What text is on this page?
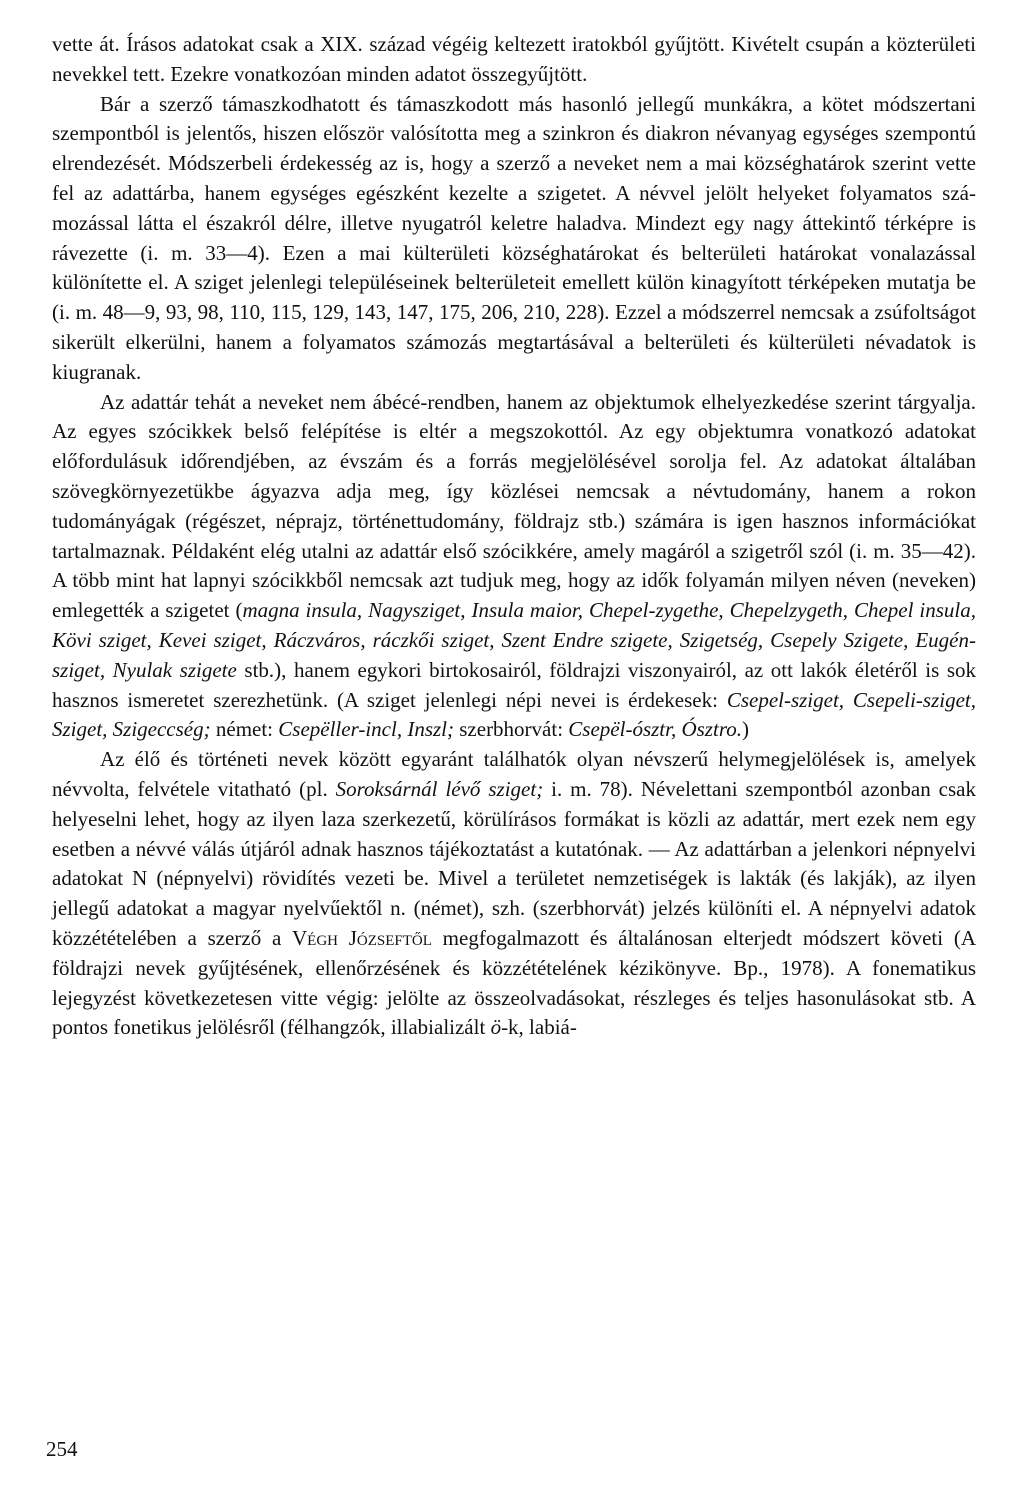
vette át. Írásos adatokat csak a XIX. század végéig keltezett iratokból gyűjtött. Kivételt csupán a közterületi nevekkel tett. Ezekre vonatkozóan minden adatot összegyűjtött.

Bár a szerző támaszkodhatott és támaszkodott más hasonló jellegű munkákra, a kötet módszertani szempontból is jelentős, hiszen először valósította meg a szinkron és diakron névanyag egységes szempontú elrendezését. Módszerbeli érdekesség az is, hogy a szerző a neveket nem a mai községhatárok szerint vette fel az adattárba, hanem egységes egészként kezelte a szigetet. A névvel jelölt helyeket folyamatos számozással látta el északról délre, illetve nyugatról keletre haladva. Mindezt egy nagy áttekintő térképre is rávezette (i. m. 33—4). Ezen a mai külterületi községhatárokat és belterületi határokat vonalazással különítette el. A sziget jelenlegi településeinek belterületeit emellett külön kinagyított térképeken mutatja be (i. m. 48—9, 93, 98, 110, 115, 129, 143, 147, 175, 206, 210, 228). Ezzel a módszerrel nemcsak a zsúfoltságot sikerült elkerülni, hanem a folyamatos számozás megtartásával a belterületi és külterületi névadatok is kiugranak.

Az adattár tehát a neveket nem ábécé-rendben, hanem az objektumok elhelyezkedése szerint tárgyalja. Az egyes szócikkek belső felépítése is eltér a megszokottól. Az egy objektumra vonatkozó adatokat előfordulásuk időrendjében, az évszám és a forrás megjelölésével sorolja fel. Az adatokat általában szövegkörnyezetükbe ágyazva adja meg, így közlései nemcsak a névtudomány, hanem a rokon tudományágak (régészet, néprajz, történettudomány, földrajz stb.) számára is igen hasznos információkat tartalmaznak. Példaként elég utalni az adattár első szócikkére, amely magáról a szigetről szól (i. m. 35—42). A több mint hat lapnyi szócikkből nemcsak azt tudjuk meg, hogy az idők folyamán milyen néven (neveken) emlegették a szigetet (magna insula, Nagysziget, Insula maior, Chepel-zygethe, Chepelzygeth, Chepel insula, Kövi sziget, Kevei sziget, Ráczváros, ráczkői sziget, Szent Endre szigete, Szigetség, Csepely Szigete, Eugén-sziget, Nyulak szigete stb.), hanem egykori birtokosairól, földrajzi viszonyairól, az ott lakók életéről is sok hasznos ismeretet szerezhetünk. (A sziget jelenlegi népi nevei is érdekesek: Csepel-sziget, Csepeli-sziget, Sziget, Szigeccség; német: Csepëller-incl, Inszl; szerbhorvát: Csepël-ósztr, Ósztro.)

Az élő és történeti nevek között egyaránt találhatók olyan névszerű helymegjelölések is, amelyek névvolta, felvétele vitatható (pl. Soroksárnál lévő sziget; i. m. 78). Névelettani szempontból azonban csak helyeselni lehet, hogy az ilyen laza szerkezetű, körülírásos formákat is közli az adattár, mert ezek nem egy esetben a névvé válás útjáról adnak hasznos tájékoztatást a kutatónak. — Az adattárban a jelenkori népnyelvi adatokat N (népnyelvi) rövidítés vezeti be. Mivel a területet nemzetiségek is lakták (és lakják), az ilyen jellegű adatokat a magyar nyelvűektől n. (német), szh. (szerbhorvát) jelzés különíti el. A népnyelvi adatok közzétételében a szerző a Végh Józseftől megfogalmazott és általánosan elterjedt módszert követi (A földrajzi nevek gyűjtésének, ellenőrzésének és közzétételének kézikönyve. Bp., 1978). A fonematikus lejegyzést következetesen vitte végig: jelölte az összeolvadásokat, részleges és teljes hasonulásokat stb. A pontos fonetikus jelölésről (félhangzók, illabializált ö-k, labiá-

254
